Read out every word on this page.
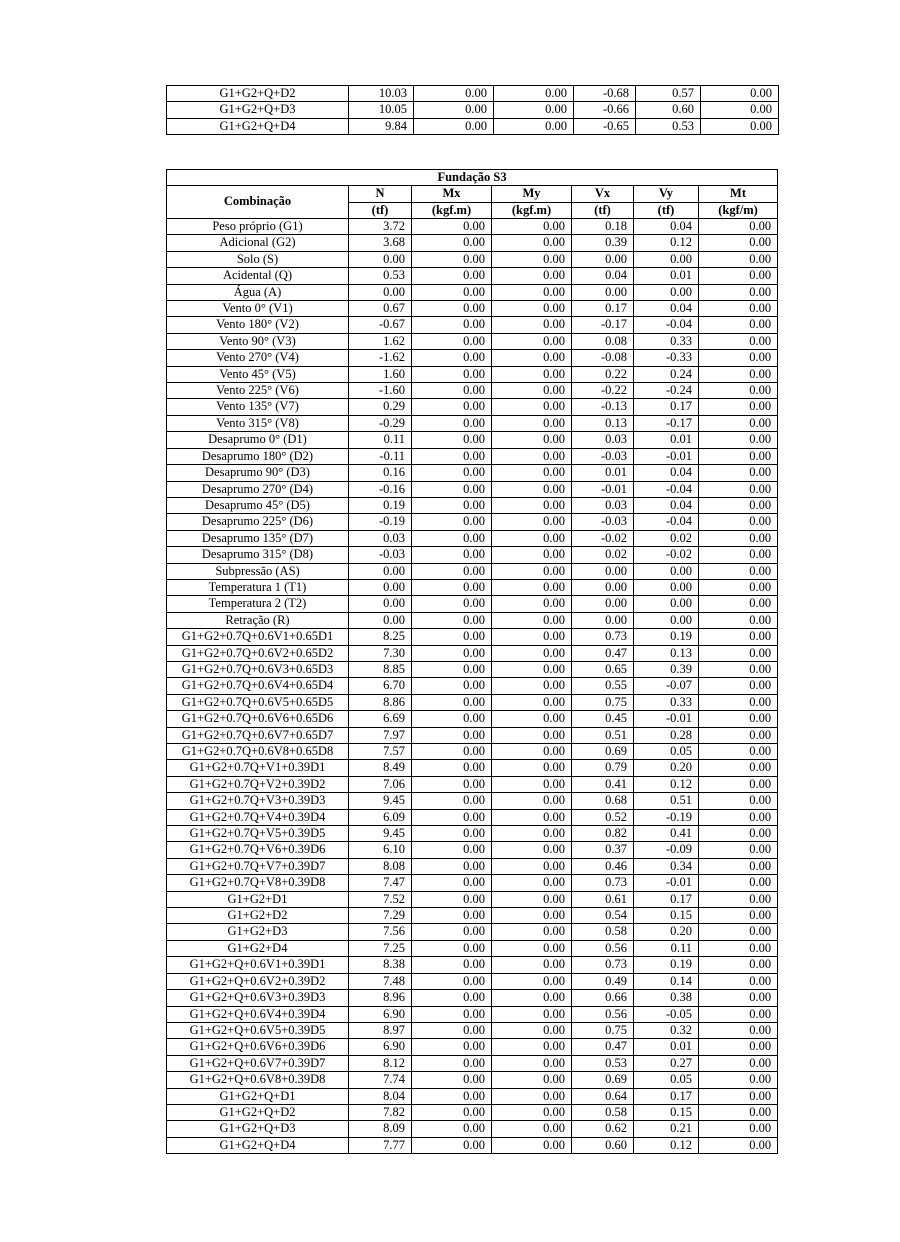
G1+G2+Q+D2	10.03	0.00	0.00	-0.68	0.57	0.00
G1+G2+Q+D3	10.05	0.00	0.00	-0.66	0.60	0.00
G1+G2+Q+D4	9.84	0.00	0.00	-0.65	0.53	0.00
Fundação S3						
Combinação	N	Mx	My	Vx	Vy	Mt
	(tf)	(kgf.m)	(kgf.m)	(tf)	(tf)	(kgf/m)
Peso próprio (G1)	3.72	0.00	0.00	0.18	0.04	0.00
Adicional (G2)	3.68	0.00	0.00	0.39	0.12	0.00
Solo (S)	0.00	0.00	0.00	0.00	0.00	0.00
Acidental (Q)	0.53	0.00	0.00	0.04	0.01	0.00
Água (A)	0.00	0.00	0.00	0.00	0.00	0.00
Vento 0° (V1)	0.67	0.00	0.00	0.17	0.04	0.00
Vento 180° (V2)	-0.67	0.00	0.00	-0.17	-0.04	0.00
Vento 90° (V3)	1.62	0.00	0.00	0.08	0.33	0.00
Vento 270° (V4)	-1.62	0.00	0.00	-0.08	-0.33	0.00
Vento 45° (V5)	1.60	0.00	0.00	0.22	0.24	0.00
Vento 225° (V6)	-1.60	0.00	0.00	-0.22	-0.24	0.00
Vento 135° (V7)	0.29	0.00	0.00	-0.13	0.17	0.00
Vento 315° (V8)	-0.29	0.00	0.00	0.13	-0.17	0.00
Desaprumo 0° (D1)	0.11	0.00	0.00	0.03	0.01	0.00
Desaprumo 180° (D2)	-0.11	0.00	0.00	-0.03	-0.01	0.00
Desaprumo 90° (D3)	0.16	0.00	0.00	0.01	0.04	0.00
Desaprumo 270° (D4)	-0.16	0.00	0.00	-0.01	-0.04	0.00
Desaprumo 45° (D5)	0.19	0.00	0.00	0.03	0.04	0.00
Desaprumo 225° (D6)	-0.19	0.00	0.00	-0.03	-0.04	0.00
Desaprumo 135° (D7)	0.03	0.00	0.00	-0.02	0.02	0.00
Desaprumo 315° (D8)	-0.03	0.00	0.00	0.02	-0.02	0.00
Subpressão (AS)	0.00	0.00	0.00	0.00	0.00	0.00
Temperatura 1 (T1)	0.00	0.00	0.00	0.00	0.00	0.00
Temperatura 2 (T2)	0.00	0.00	0.00	0.00	0.00	0.00
Retração (R)	0.00	0.00	0.00	0.00	0.00	0.00
G1+G2+0.7Q+0.6V1+0.65D1	8.25	0.00	0.00	0.73	0.19	0.00
G1+G2+0.7Q+0.6V2+0.65D2	7.30	0.00	0.00	0.47	0.13	0.00
G1+G2+0.7Q+0.6V3+0.65D3	8.85	0.00	0.00	0.65	0.39	0.00
G1+G2+0.7Q+0.6V4+0.65D4	6.70	0.00	0.00	0.55	-0.07	0.00
G1+G2+0.7Q+0.6V5+0.65D5	8.86	0.00	0.00	0.75	0.33	0.00
G1+G2+0.7Q+0.6V6+0.65D6	6.69	0.00	0.00	0.45	-0.01	0.00
G1+G2+0.7Q+0.6V7+0.65D7	7.97	0.00	0.00	0.51	0.28	0.00
G1+G2+0.7Q+0.6V8+0.65D8	7.57	0.00	0.00	0.69	0.05	0.00
G1+G2+0.7Q+V1+0.39D1	8.49	0.00	0.00	0.79	0.20	0.00
G1+G2+0.7Q+V2+0.39D2	7.06	0.00	0.00	0.41	0.12	0.00
G1+G2+0.7Q+V3+0.39D3	9.45	0.00	0.00	0.68	0.51	0.00
G1+G2+0.7Q+V4+0.39D4	6.09	0.00	0.00	0.52	-0.19	0.00
G1+G2+0.7Q+V5+0.39D5	9.45	0.00	0.00	0.82	0.41	0.00
G1+G2+0.7Q+V6+0.39D6	6.10	0.00	0.00	0.37	-0.09	0.00
G1+G2+0.7Q+V7+0.39D7	8.08	0.00	0.00	0.46	0.34	0.00
G1+G2+0.7Q+V8+0.39D8	7.47	0.00	0.00	0.73	-0.01	0.00
G1+G2+D1	7.52	0.00	0.00	0.61	0.17	0.00
G1+G2+D2	7.29	0.00	0.00	0.54	0.15	0.00
G1+G2+D3	7.56	0.00	0.00	0.58	0.20	0.00
G1+G2+D4	7.25	0.00	0.00	0.56	0.11	0.00
G1+G2+Q+0.6V1+0.39D1	8.38	0.00	0.00	0.73	0.19	0.00
G1+G2+Q+0.6V2+0.39D2	7.48	0.00	0.00	0.49	0.14	0.00
G1+G2+Q+0.6V3+0.39D3	8.96	0.00	0.00	0.66	0.38	0.00
G1+G2+Q+0.6V4+0.39D4	6.90	0.00	0.00	0.56	-0.05	0.00
G1+G2+Q+0.6V5+0.39D5	8.97	0.00	0.00	0.75	0.32	0.00
G1+G2+Q+0.6V6+0.39D6	6.90	0.00	0.00	0.47	0.01	0.00
G1+G2+Q+0.6V7+0.39D7	8.12	0.00	0.00	0.53	0.27	0.00
G1+G2+Q+0.6V8+0.39D8	7.74	0.00	0.00	0.69	0.05	0.00
G1+G2+Q+D1	8.04	0.00	0.00	0.64	0.17	0.00
G1+G2+Q+D2	7.82	0.00	0.00	0.58	0.15	0.00
G1+G2+Q+D3	8.09	0.00	0.00	0.62	0.21	0.00
G1+G2+Q+D4	7.77	0.00	0.00	0.60	0.12	0.00
